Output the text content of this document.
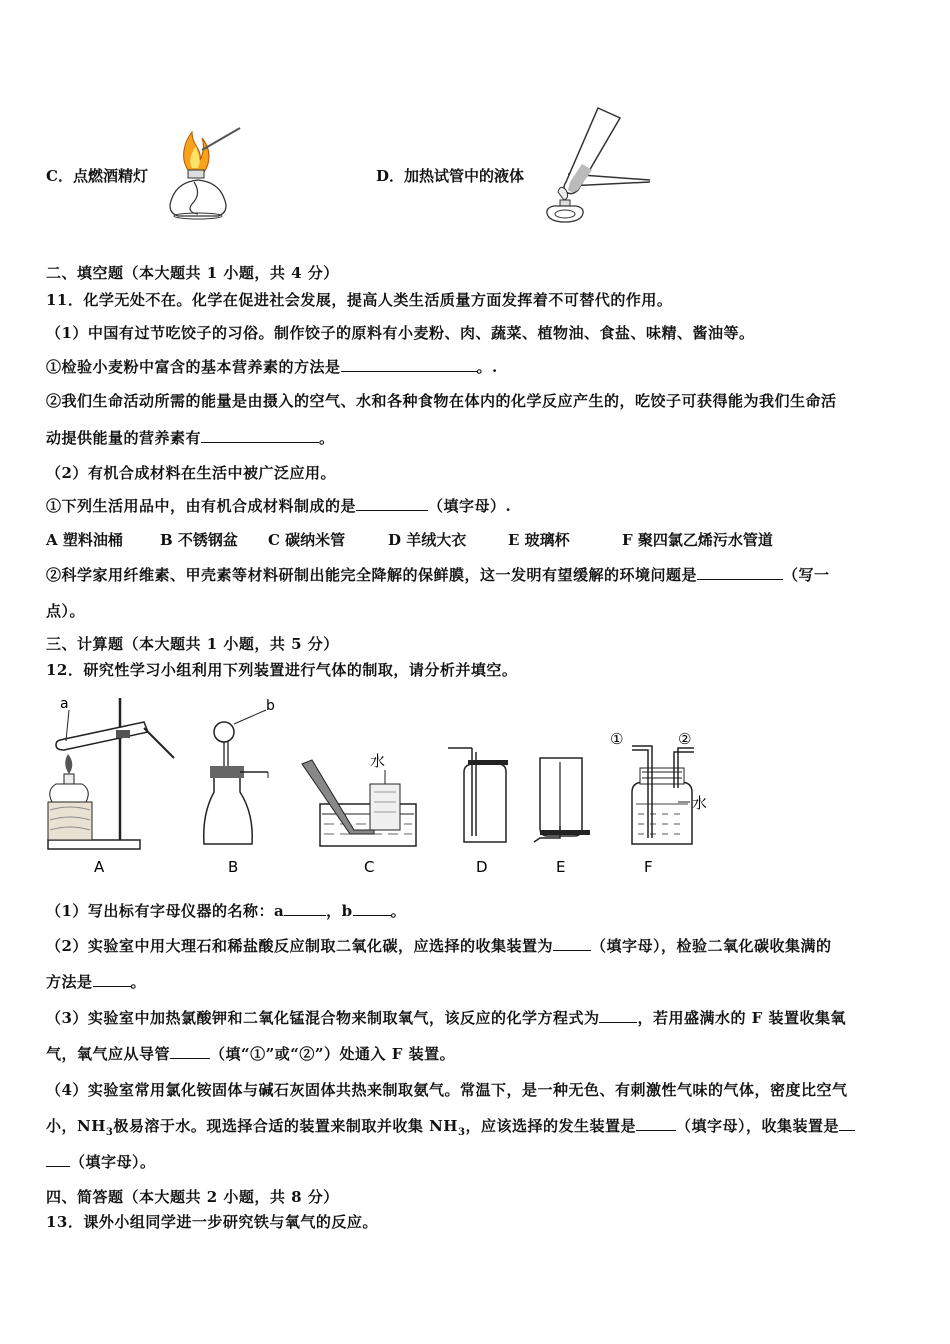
C．点燃酒精灯	D．加热试管中的液体
二、填空题（本大题共 1 小题，共 4 分）
11．化学无处不在。化学在促进社会发展，提高人类生活质量方面发挥着不可替代的作用。
（1）中国有过节吃饺子的习俗。制作饺子的原料有小麦粉、肉、蔬菜、植物油、食盐、味精、酱油等。
①检验小麦粉中富含的基本营养素的方法是	。.
②我们生命活动所需的能量是由摄入的空气、水和各种食物在体内的化学反应产生的，吃饺子可获得能为我们生命活
动提供能量的营养素有	。
（2）有机合成材料在生活中被广泛应用。
①下列生活用品中，由有机合成材料制成的是	（填字母）.
A 塑料油桶 B 不锈钢盆 C 碳纳米管	D 羊绒大衣	E 玻璃杯	F 聚四氯乙烯污水管道
②科学家用纤维素、甲壳素等材料研制出能完全降解的保鲜膜，这一发明有望缓解的环境问题是	（写一
点）。
三、计算题（本大题共 1 小题，共 5 分）
12．研究性学习小组利用下列装置进行气体的制取，请分析并填空。
a	b
水
①	②
水
A	B	C	D	E	F
（1）写出标有字母仪器的名称：a	，b	。
（2）实验室中用大理石和稀盐酸反应制取二氧化碳，应选择的收集装置为	（填字母），检验二氧化碳收集满的
方法是	。
（3）实验室中加热氯酸钾和二氧化锰混合物来制取氧气，该反应的化学方程式为	，若用盛满水的 F 装置收集氧
气，氧气应从导管	（填“①”或“②”）处通入 F 装置。
（4）实验室常用氯化铵固体与碱石灰固体共热来制取氨气。常温下，是一种无色、有刺激性气味的气体，密度比空气
小，$NH_3$极易溶于水。现选择合适的装置来制取并收集 $NH_3$，应该选择的发生装置是	（填字母），收集装置是
（填字母）。
四、简答题（本大题共 2 小题，共 8 分）
13．课外小组同学进一步研究铁与氧气的反应。
